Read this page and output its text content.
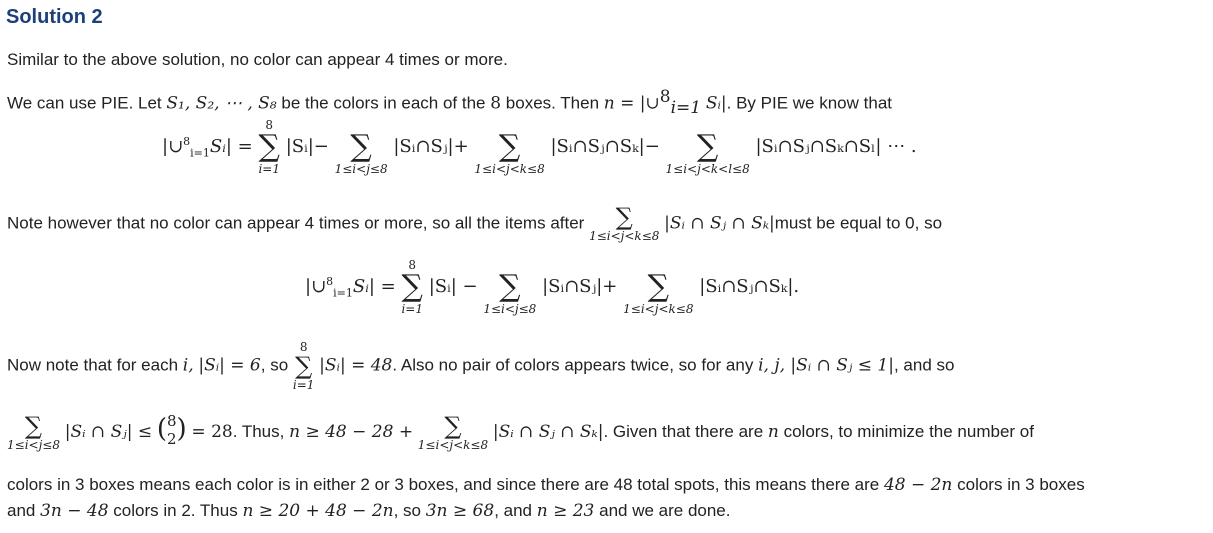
Solution 2
Similar to the above solution, no color can appear 4 times or more.
We can use PIE. Let S₁, S₂, ⋯ , S₈ be the colors in each of the 8 boxes. Then n = |∪$^8_{i=1}$ Sᵢ|. By PIE we know that
|∪$^8_{i=1}$Sᵢ| =
8
∑
i=1
|Sᵢ|−
∑
1≤i<j≤8
|Sᵢ∩Sⱼ|+
	∑
1≤i<j<k≤8
|Sᵢ∩Sⱼ∩Sₖ|−
	∑
1≤i<j<k<l≤8
|Sᵢ∩Sⱼ∩Sₖ∩Sₗ| ⋯ .
Note however that no color can appear 4 times or more, so all the items after	∑
1≤i<j<k≤8
|Sᵢ ∩ Sⱼ ∩ Sₖ|must be equal to 0, so
|∪$^8_{i=1}$Sᵢ| =
8
∑
i=1
|Sᵢ| −
∑
1≤i<j≤8
|Sᵢ∩Sⱼ|+
	∑
1≤i<j<k≤8
|Sᵢ∩Sⱼ∩Sₖ|.
Now note that for each i, |Sᵢ| = 6, so
8
∑
i=1
|Sᵢ| = 48. Also no pair of colors appears twice, so for any i, j, |Sᵢ ∩ Sⱼ ≤ 1|, and so
∑
1≤i<j≤8
|Sᵢ ∩ Sⱼ| ≤ (8
2) = 28. Thus, n ≥ 48 − 28 +	∑
1≤i<j<k≤8
|Sᵢ ∩ Sⱼ ∩ Sₖ|. Given that there are n colors, to minimize the number of
colors in 3 boxes means each color is in either 2 or 3 boxes, and since there are 48 total spots, this means there are 48 − 2n colors in 3 boxes
and 3n − 48 colors in 2. Thus n ≥ 20 + 48 − 2n, so 3n ≥ 68, and n ≥ 23 and we are done.
